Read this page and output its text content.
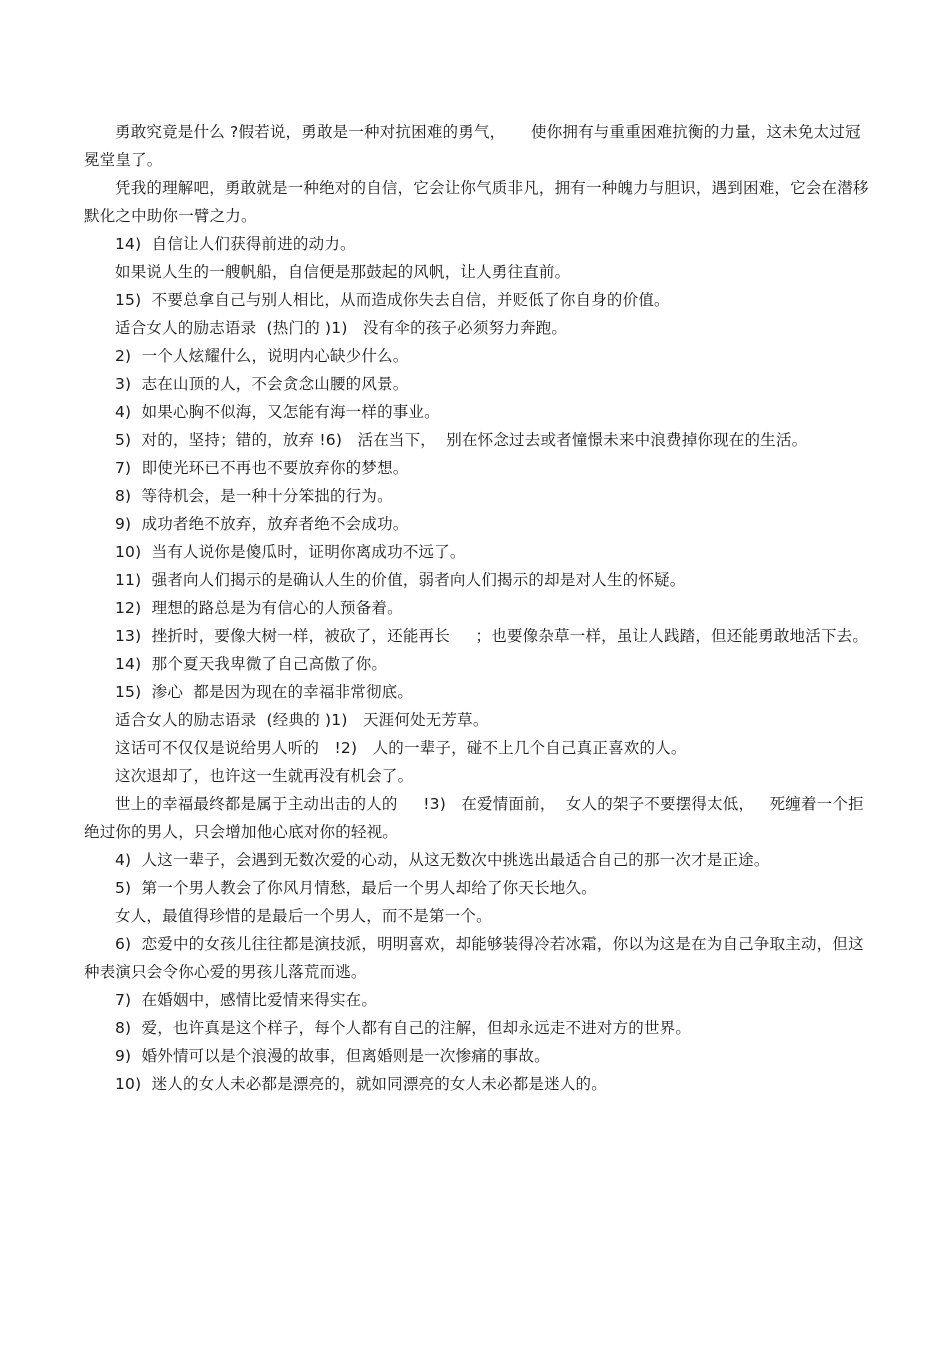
勇敢究竟是什么 ?假若说，勇敢是一种对抗困难的勇气，     使你拥有与重重困难抗衡的力量，这未免太过冠冕堂皇了。

凭我的理解吧，勇敢就是一种绝对的自信，它会让你气质非凡，拥有一种魄力与胆识，遇到困难，它会在潜移默化之中助你一臂之力。

14)  自信让人们获得前进的动力。

如果说人生的一艘帆船，自信便是那鼓起的风帆，让人勇往直前。

15)  不要总拿自己与别人相比，从而造成你失去自信，并贬低了你自身的价值。

适合女人的励志语录  (热门的 )1)   没有伞的孩子必须努力奔跑。

2)  一个人炫耀什么，说明内心缺少什么。

3)  志在山顶的人，不会贪念山腰的风景。

4)  如果心胸不似海，又怎能有海一样的事业。

5)  对的，坚持；错的，放弃 !6)   活在当下，  别在怀念过去或者憧憬未来中浪费掉你现在的生活。

7)  即使光环已不再也不要放弃你的梦想。

8)  等待机会，是一种十分笨拙的行为。

9)  成功者绝不放弃，放弃者绝不会成功。

10)  当有人说你是傻瓜时，证明你离成功不远了。

11)  强者向人们揭示的是确认人生的价值，弱者向人们揭示的却是对人生的怀疑。

12)  理想的路总是为有信心的人预备着。

13)  挫折时，要像大树一样，被砍了，还能再长     ；也要像杂草一样，虽让人践踏，但还能勇敢地活下去。

14)  那个夏天我卑微了自己高傲了你。

15)  渗心  都是因为现在的幸福非常彻底。

适合女人的励志语录  (经典的 )1)   天涯何处无芳草。

这话可不仅仅是说给男人听的   !2)   人的一辈子，碰不上几个自己真正喜欢的人。

这次退却了，也许这一生就再没有机会了。

世上的幸福最终都是属于主动出击的人的     !3)   在爱情面前，  女人的架子不要摆得太低，   死缠着一个拒绝过你的男人，只会增加他心底对你的轻视。

4)  人这一辈子，会遇到无数次爱的心动，从这无数次中挑选出最适合自己的那一次才是正途。

5)  第一个男人教会了你风月情愁，最后一个男人却给了你天长地久。

女人，最值得珍惜的是最后一个男人，而不是第一个。

6)  恋爱中的女孩儿往往都是演技派，明明喜欢，却能够装得冷若冰霜，你以为这是在为自己争取主动，但这种表演只会令你心爱的男孩儿落荒而逃。

7)  在婚姻中，感情比爱情来得实在。

8)  爱，也许真是这个样子，每个人都有自己的注解，但却永远走不进对方的世界。

9)  婚外情可以是个浪漫的故事，但离婚则是一次惨痛的事故。

10)  迷人的女人未必都是漂亮的，就如同漂亮的女人未必都是迷人的。
